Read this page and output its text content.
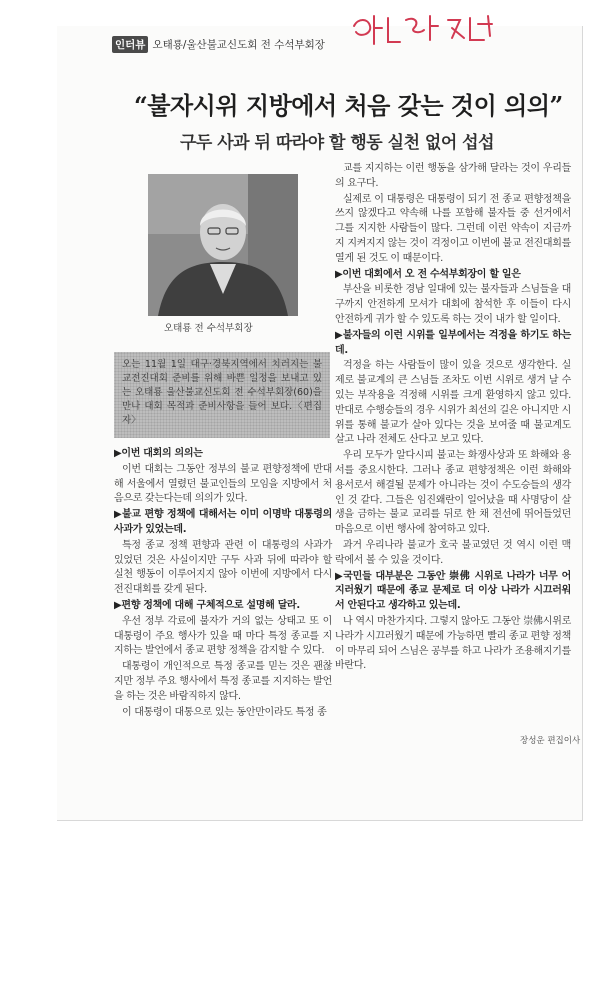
인터뷰 오태룡/울산불교신도회 전 수석부회장
“불자시위 지방에서 처음 갖는 것이 의의”
구두 사과 뒤 따라야 할 행동 실천 없어 섭섭
오태룡 전 수석부회장

오는 11월 1일 대구·경북지역에서 치러지는 불교전진대회 준비를 위해 바쁜 일정을 보내고 있는 오태룡 울산불교신도회 전 수석부회장(60)을 만나 대회 목적과 준비사항을 들어 보다.〈편집자〉

▶이번 대회의 의의는

이번 대회는 그동안 정부의 불교 편향정책에 반대해 서울에서 열렸던 불교인들의 모임을 지방에서 처음으로 갖는다는데 의의가 있다.

▶불교 편향 정책에 대해서는 이미 이명박 대통령의 사과가 있었는데.

특정 종교 정책 편향과 관련 이 대통령의 사과가 있었던 것은 사실이지만 구두 사과 뒤에 따라야 할 실천 행동이 이루어지지 않아 이번에 지방에서 다시 전진대회를 갖게 된다.

▶편향 정책에 대해 구체적으로 설명해 달라.

우선 정부 각료에 불자가 거의 없는 상태고 또 이 대통령이 주요 행사가 있을 때 마다 특정 종교를 지지하는 발언에서 종교 편향 정책을 감지할 수 있다.

대통령이 개인적으로 특정 종교를 믿는 것은 괜찮지만 정부 주요 행사에서 특정 종교를 지지하는 발언을 하는 것은 바람직하지 않다.

이 대통령이 대통으로 있는 동안만이라도 특정 종

교를 지지하는 이런 행동을 삼가해 달라는 것이 우리들의 요구다.

실제로 이 대통령은 대통령이 되기 전 종교 편향정책을 쓰지 않겠다고 약속해 나를 포함해 불자들 중 선거에서 그를 지지한 사람들이 많다. 그런데 이런 약속이 지금까지 지켜지지 않는 것이 걱정이고 이번에 불교 전진대회를 열게 된 것도 이 때문이다.

▶이번 대회에서 오 전 수석부회장이 할 일은

부산을 비롯한 경남 일대에 있는 불자들과 스님들을 대구까지 안전하게 모셔가 대회에 참석한 후 이들이 다시 안전하게 귀가 할 수 있도록 하는 것이 내가 할 일이다.

▶불자들의 이런 시위를 일부에서는 걱정을 하기도 하는데.

걱정을 하는 사람들이 많이 있을 것으로 생각한다. 실제로 불교계의 큰 스님들 조차도 이번 시위로 생겨 날 수 있는 부작용을 걱정해 시위를 크게 환영하지 않고 있다. 반대로 수행승들의 경우 시위가 최선의 길은 아니지만 시위를 통해 불교가 살아 있다는 것을 보여줄 때 불교계도 살고 나라 전체도 산다고 보고 있다.

우리 모두가 알다시피 불교는 화쟁사상과 또 화해와 용서를 중요시한다. 그러나 종교 편향정책은 이런 화해와 용서로서 해결될 문제가 아니라는 것이 수도승들의 생각인 것 같다. 그들은 임진왜란이 일어났을 때 사명당이 살생을 금하는 불교 교리를 뒤로 한 채 전선에 뛰어들었던 마음으로 이번 행사에 참여하고 있다.

과거 우리나라 불교가 호국 불교였던 것 역시 이런 맥락에서 볼 수 있을 것이다.

▶국민들 대부분은 그동안 崇佛 시위로 나라가 너무 어지러웠기 때문에 종교 문제로 더 이상 나라가 시끄러워서 안된다고 생각하고 있는데.

나 역시 마찬가지다. 그렇지 않아도 그동안 崇佛시위로 나라가 시끄러웠기 때문에 가능하면 빨리 종교 편향 정책이 마무리 되어 스님은 공부를 하고 나라가 조용해지기를 바란다.

장성운 편집이사
